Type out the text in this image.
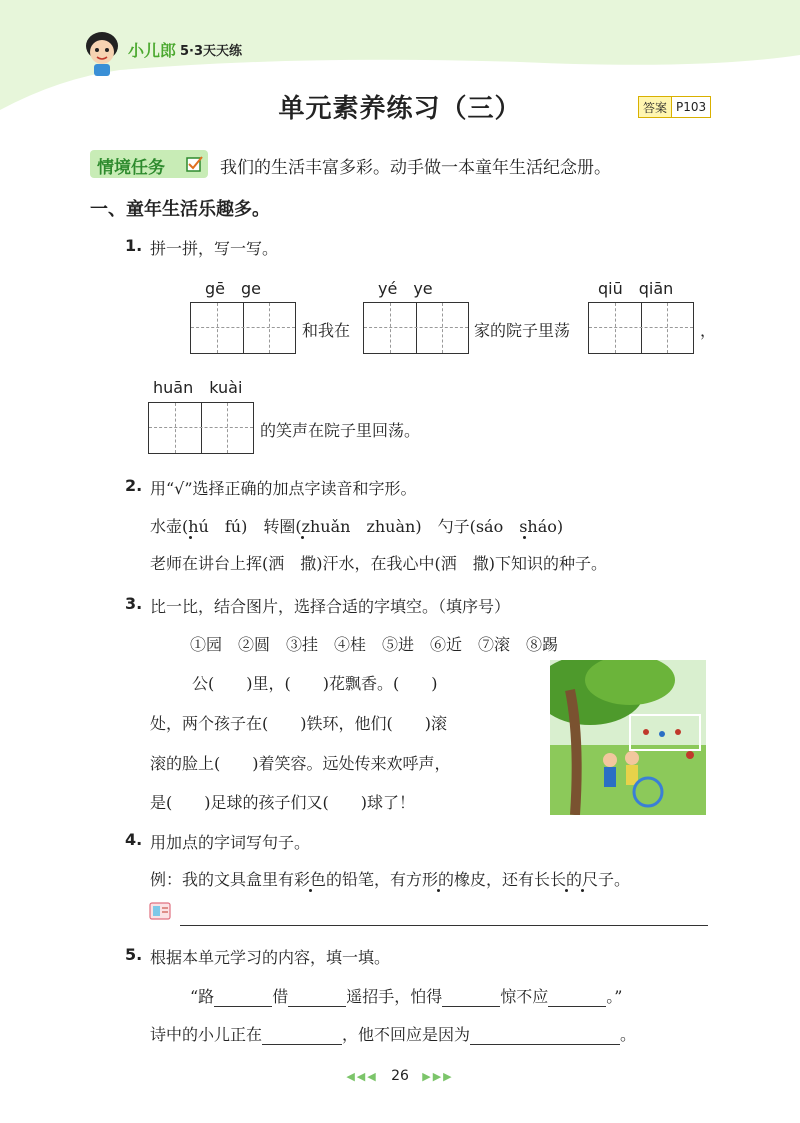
小儿郎 5·3天天练
单元素养练习（三）	答案 P103
情境任务	我们的生活丰富多彩。动手做一本童年生活纪念册。
一、童年生活乐趣多。
1. 拼一拼，写一写。
gē　ge	yé　ye	qiū　qiān
和我在	家的院子里荡	，
huān　kuài
的笑声在院子里回荡。
2. 用“√”选择正确的加点字读音和字形。
水壶(hú　fú)　转圈(zhuǎn　zhuàn)　勺子(sáo　sháo)
老师在讲台上挥(洒　撒)汗水，在我心中(洒　撒)下知识的种子。
3. 比一比，结合图片，选择合适的字填空。（填序号）
①园　②圆　③挂　④桂　⑤进　⑥近　⑦滚　⑧踢
公(　　)里，(　　)花飘香。(　　)
处，两个孩子在(　　)铁环，他们(　　)滚
滚的脸上(　　)着笑容。远处传来欢呼声，
是(　　)足球的孩子们又(　　)球了！
4. 用加点的字词写句子。
例：我的文具盒里有彩色的铅笔，有方形的橡皮，还有长长的尺子。
5. 根据本单元学习的内容，填一填。
“路	借	遥招手，怕得	惊不应	。”
诗中的小儿正在	，他不回应是因为	。
◀◀◀ 26 ▶▶▶
